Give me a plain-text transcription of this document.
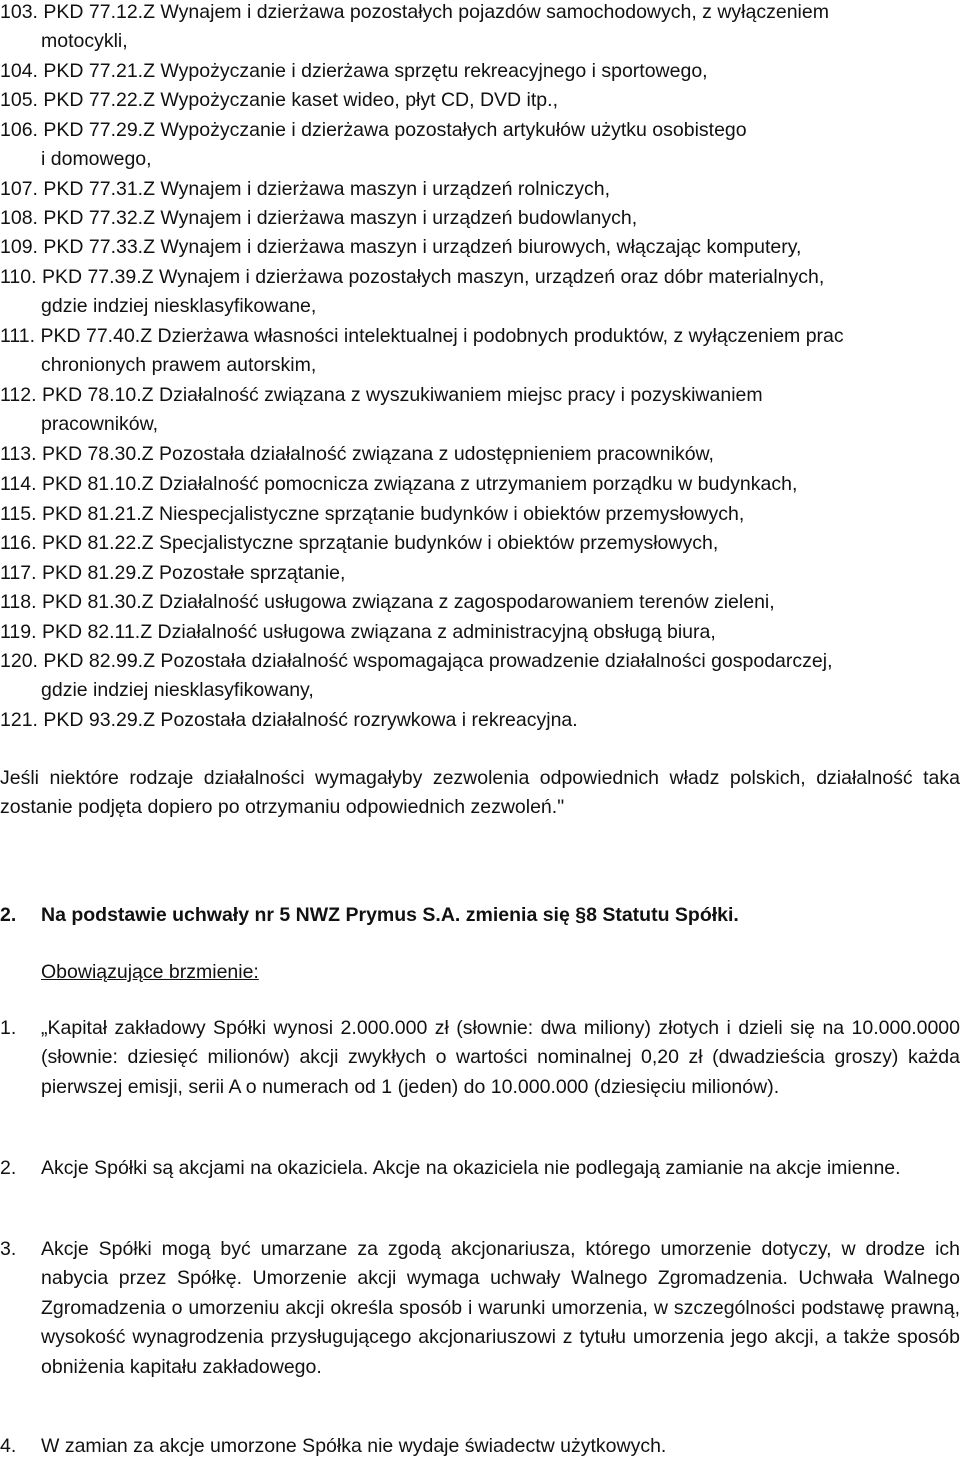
103. PKD 77.12.Z Wynajem i dzierżawa pozostałych pojazdów samochodowych, z wyłączeniem
motocykli,
104. PKD 77.21.Z Wypożyczanie i dzierżawa sprzętu rekreacyjnego i sportowego,
105. PKD 77.22.Z Wypożyczanie kaset wideo, płyt CD, DVD itp.,
106. PKD 77.29.Z Wypożyczanie i dzierżawa pozostałych artykułów użytku osobistego
i domowego,
107. PKD 77.31.Z Wynajem i dzierżawa maszyn i urządzeń rolniczych,
108. PKD 77.32.Z Wynajem i dzierżawa maszyn i urządzeń budowlanych,
109. PKD 77.33.Z Wynajem i dzierżawa maszyn i urządzeń biurowych, włączając komputery,
110. PKD 77.39.Z Wynajem i dzierżawa pozostałych maszyn, urządzeń oraz dóbr materialnych,
gdzie indziej niesklasyfikowane,
111. PKD 77.40.Z Dzierżawa własności intelektualnej i podobnych produktów, z wyłączeniem prac
chronionych prawem autorskim,
112. PKD 78.10.Z Działalność związana z wyszukiwaniem miejsc pracy i pozyskiwaniem
pracowników,
113. PKD 78.30.Z Pozostała działalność związana z udostępnieniem pracowników,
114. PKD 81.10.Z Działalność pomocnicza związana z utrzymaniem porządku w budynkach,
115. PKD 81.21.Z Niespecjalistyczne sprzątanie budynków i obiektów przemysłowych,
116. PKD 81.22.Z Specjalistyczne sprzątanie budynków i obiektów przemysłowych,
117. PKD 81.29.Z Pozostałe sprzątanie,
118. PKD 81.30.Z Działalność usługowa związana z zagospodarowaniem terenów zieleni,
119. PKD 82.11.Z Działalność usługowa związana z administracyjną obsługą biura,
120. PKD 82.99.Z Pozostała działalność wspomagająca prowadzenie działalności gospodarczej,
gdzie indziej niesklasyfikowany,
121. PKD 93.29.Z Pozostała działalność rozrywkowa i rekreacyjna.
Jeśli niektóre rodzaje działalności wymagałyby zezwolenia odpowiednich władz polskich, działalność taka zostanie podjęta dopiero po otrzymaniu odpowiednich zezwoleń."
2. Na podstawie uchwały nr 5 NWZ Prymus S.A. zmienia się §8 Statutu Spółki.
Obowiązujące brzmienie:
1. „Kapitał zakładowy Spółki wynosi 2.000.000 zł (słownie: dwa miliony) złotych i dzieli się na 10.000.0000 (słownie: dziesięć milionów) akcji zwykłych o wartości nominalnej 0,20 zł (dwadzieścia groszy) każda pierwszej emisji, serii A o numerach od 1 (jeden) do 10.000.000 (dziesięciu milionów).
2. Akcje Spółki są akcjami na okaziciela. Akcje na okaziciela nie podlegają zamianie na akcje imienne.
3. Akcje Spółki mogą być umarzane za zgodą akcjonariusza, którego umorzenie dotyczy, w drodze ich nabycia przez Spółkę. Umorzenie akcji wymaga uchwały Walnego Zgromadzenia. Uchwała Walnego Zgromadzenia o umorzeniu akcji określa sposób i warunki umorzenia, w szczególności podstawę prawną, wysokość wynagrodzenia przysługującego akcjonariuszowi z tytułu umorzenia jego akcji, a także sposób obniżenia kapitału zakładowego.
4. W zamian za akcje umorzone Spółka nie wydaje świadectw użytkowych.
